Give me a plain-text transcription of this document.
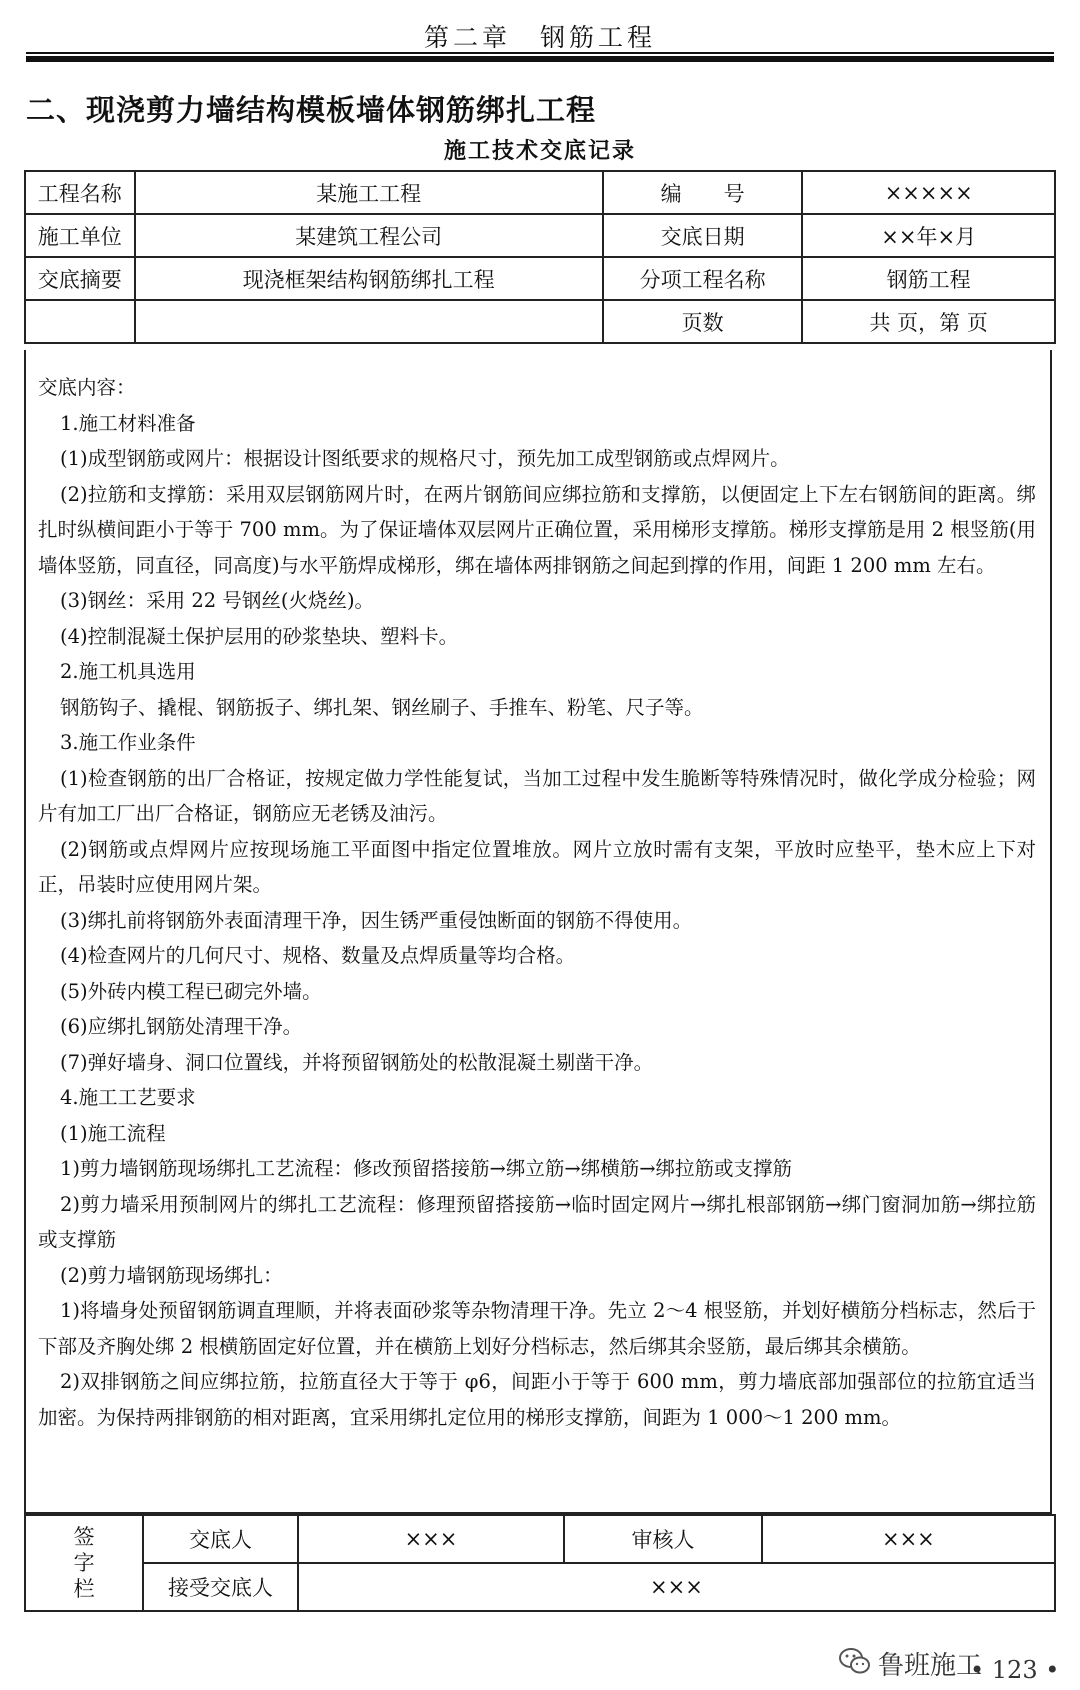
第二章　钢筋工程
二、现浇剪力墙结构模板墙体钢筋绑扎工程
施工技术交底记录
工程名称	某施工工程	编　　号	×××××
施工单位	某建筑工程公司	交底日期	××年×月
交底摘要	现浇框架结构钢筋绑扎工程	分项工程名称	钢筋工程
		页数	共 页，第 页

交底内容：

1.施工材料准备

(1)成型钢筋或网片：根据设计图纸要求的规格尺寸，预先加工成型钢筋或点焊网片。

(2)拉筋和支撑筋：采用双层钢筋网片时，在两片钢筋间应绑拉筋和支撑筋，以便固定上下左右钢筋间的距离。绑扎时纵横间距小于等于 700 mm。为了保证墙体双层网片正确位置，采用梯形支撑筋。梯形支撑筋是用 2 根竖筋(用墙体竖筋，同直径，同高度)与水平筋焊成梯形，绑在墙体两排钢筋之间起到撑的作用，间距 1 200 mm 左右。

(3)钢丝：采用 22 号钢丝(火烧丝)。

(4)控制混凝土保护层用的砂浆垫块、塑料卡。

2.施工机具选用

钢筋钩子、撬棍、钢筋扳子、绑扎架、钢丝刷子、手推车、粉笔、尺子等。

3.施工作业条件

(1)检查钢筋的出厂合格证，按规定做力学性能复试，当加工过程中发生脆断等特殊情况时，做化学成分检验；网片有加工厂出厂合格证，钢筋应无老锈及油污。

(2)钢筋或点焊网片应按现场施工平面图中指定位置堆放。网片立放时需有支架，平放时应垫平，垫木应上下对正，吊装时应使用网片架。

(3)绑扎前将钢筋外表面清理干净，因生锈严重侵蚀断面的钢筋不得使用。

(4)检查网片的几何尺寸、规格、数量及点焊质量等均合格。

(5)外砖内模工程已砌完外墙。

(6)应绑扎钢筋处清理干净。

(7)弹好墙身、洞口位置线，并将预留钢筋处的松散混凝土剔凿干净。

4.施工工艺要求

(1)施工流程

1)剪力墙钢筋现场绑扎工艺流程：修改预留搭接筋→绑立筋→绑横筋→绑拉筋或支撑筋

2)剪力墙采用预制网片的绑扎工艺流程：修理预留搭接筋→临时固定网片→绑扎根部钢筋→绑门窗洞加筋→绑拉筋或支撑筋

(2)剪力墙钢筋现场绑扎：

1)将墙身处预留钢筋调直理顺，并将表面砂浆等杂物清理干净。先立 2～4 根竖筋，并划好横筋分档标志，然后于下部及齐胸处绑 2 根横筋固定好位置，并在横筋上划好分档标志，然后绑其余竖筋，最后绑其余横筋。

2)双排钢筋之间应绑拉筋，拉筋直径大于等于 φ6，间距小于等于 600 mm，剪力墙底部加强部位的拉筋宜适当加密。为保持两排钢筋的相对距离，宜采用绑扎定位用的梯形支撑筋，间距为 1 000～1 200 mm。

签字栏	交底人	×××	审核人	×××
	接受交底人	×××		
鲁班施工
• 123 •
